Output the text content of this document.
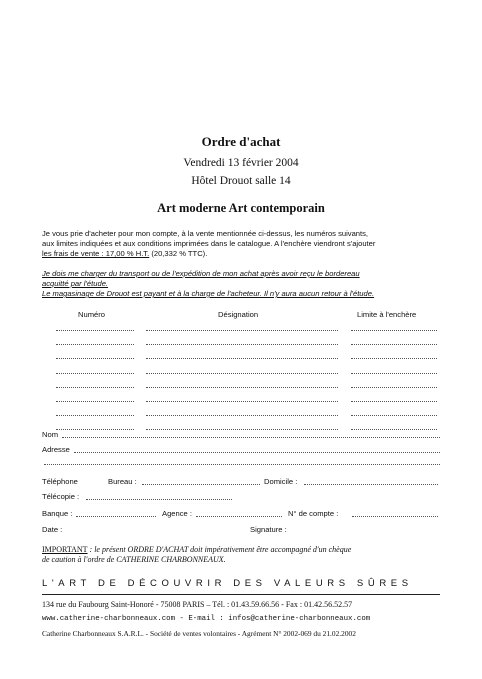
Ordre d'achat
Vendredi 13 février 2004
Hôtel Drouot salle 14
Art moderne Art contemporain
Je vous prie d'acheter pour mon compte, à la vente mentionnée ci-dessus, les numéros suivants,
aux limites indiquées et aux conditions imprimées dans le catalogue. A l'enchère viendront s'ajouter
les frais de vente : 17,00 % H.T. (20,332 % TTC).
Je dois me charger du transport ou de l'expédition de mon achat après avoir reçu le bordereau
acquitté par l'étude.
Le magasinage de Drouot est payant et à la charge de l'acheteur. Il n'y aura aucun retour à l'étude.
Numéro	Désignation	Limite à l'enchère
Nom
Adresse
Téléphone	Bureau :	Domicile :
Télécopie :
Banque :	Agence :	N° de compte :
Date :	Signature :
IMPORTANT : le présent ORDRE D'ACHAT doit impérativement être accompagné d'un chèque
de caution à l'ordre de CATHERINE CHARBONNEAUX.
L'ART DE DÉCOUVRIR DES VALEURS SÛRES
134 rue du Faubourg Saint-Honoré - 75008 PARIS – Tél. : 01.43.59.66.56 - Fax : 01.42.56.52.57
www.catherine-charbonneaux.com - E-mail : infos@catherine-charbonneaux.com
Catherine Charbonneaux S.A.R.L. - Société de ventes volontaires - Agrément N° 2002-069 du 21.02.2002
